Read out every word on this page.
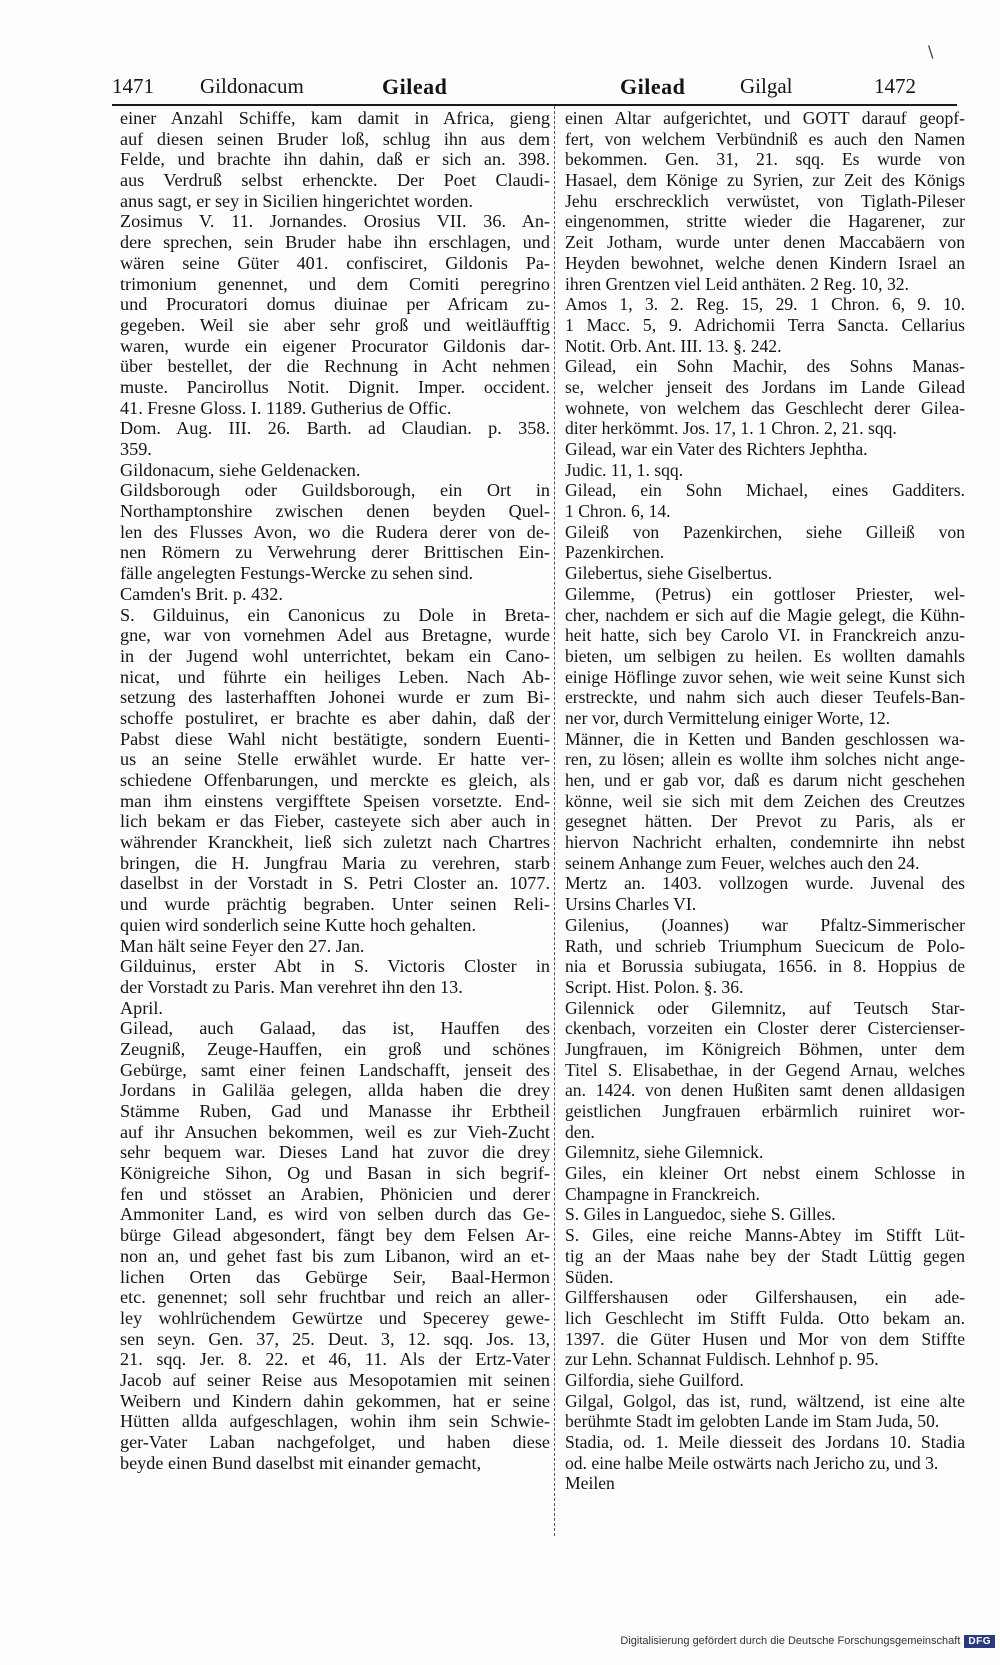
\
1471 Gildonacum	Gilead	Gilead	Gilgal	1472
einer Anzahl Schiffe, kam damit in Africa, gieng
auf diesen seinen Bruder loß, schlug ihn aus dem
Felde, und brachte ihn dahin, daß er sich an. 398.
aus Verdruß selbst erhenckte. Der Poet Claudi-
anus sagt, er sey in Sicilien hingerichtet worden.
Zosimus V. 11. Jornandes. Orosius VII. 36. An-
dere sprechen, sein Bruder habe ihn erschlagen, und
wären seine Güter 401. confisciret, Gildonis Pa-
trimonium genennet, und dem Comiti peregrino
und Procuratori domus diuinae per Africam zu-
gegeben. Weil sie aber sehr groß und weitläufftig
waren, wurde ein eigener Procurator Gildonis dar-
über bestellet, der die Rechnung in Acht nehmen
muste. Pancirollus Notit. Dignit. Imper. occident.
41. Fresne Gloss. I. 1189. Gutherius de Offic.
Dom. Aug. III. 26. Barth. ad Claudian. p. 358.
359.
Gildonacum, siehe Geldenacken.
Gildsborough oder Guildsborough, ein Ort in
Northamptonshire zwischen denen beyden Quel-
len des Flusses Avon, wo die Rudera derer von de-
nen Römern zu Verwehrung derer Brittischen Ein-
fälle angelegten Festungs-Wercke zu sehen sind.
Camden's Brit. p. 432.
S. Gilduinus, ein Canonicus zu Dole in Breta-
gne, war von vornehmen Adel aus Bretagne, wurde
in der Jugend wohl unterrichtet, bekam ein Cano-
nicat, und führte ein heiliges Leben. Nach Ab-
setzung des lasterhafften Johonei wurde er zum Bi-
schoffe postuliret, er brachte es aber dahin, daß der
Pabst diese Wahl nicht bestätigte, sondern Euenti-
us an seine Stelle erwählet wurde. Er hatte ver-
schiedene Offenbarungen, und merckte es gleich, als
man ihm einstens vergifftete Speisen vorsetzte. End-
lich bekam er das Fieber, casteyete sich aber auch in
währender Kranckheit, ließ sich zuletzt nach Chartres
bringen, die H. Jungfrau Maria zu verehren, starb
daselbst in der Vorstadt in S. Petri Closter an. 1077.
und wurde prächtig begraben. Unter seinen Reli-
quien wird sonderlich seine Kutte hoch gehalten.
Man hält seine Feyer den 27. Jan.
Gilduinus, erster Abt in S. Victoris Closter in
der Vorstadt zu Paris. Man verehret ihn den 13.
April.
Gilead, auch Galaad, das ist, Hauffen des
Zeugniß, Zeuge-Hauffen, ein groß und schönes
Gebürge, samt einer feinen Landschafft, jenseit des
Jordans in Galiläa gelegen, allda haben die drey
Stämme Ruben, Gad und Manasse ihr Erbtheil
auf ihr Ansuchen bekommen, weil es zur Vieh-Zucht
sehr bequem war. Dieses Land hat zuvor die drey
Königreiche Sihon, Og und Basan in sich begrif-
fen und stösset an Arabien, Phönicien und derer
Ammoniter Land, es wird von selben durch das Ge-
bürge Gilead abgesondert, fängt bey dem Felsen Ar-
non an, und gehet fast bis zum Libanon, wird an et-
lichen Orten das Gebürge Seir, Baal-Hermon
etc. genennet; soll sehr fruchtbar und reich an aller-
ley wohlrüchendem Gewürtze und Specerey gewe-
sen seyn. Gen. 37, 25. Deut. 3, 12. sqq. Jos. 13,
21. sqq. Jer. 8. 22. et 46, 11. Als der Ertz-Vater
Jacob auf seiner Reise aus Mesopotamien mit seinen
Weibern und Kindern dahin gekommen, hat er seine
Hütten allda aufgeschlagen, wohin ihm sein Schwie-
ger-Vater Laban nachgefolget, und haben diese
beyde einen Bund daselbst mit einander gemacht,
einen Altar aufgerichtet, und GOTT darauf geopf-
fert, von welchem Verbündniß es auch den Namen
bekommen. Gen. 31, 21. sqq. Es wurde von
Hasael, dem Könige zu Syrien, zur Zeit des Königs
Jehu erschrecklich verwüstet, von Tiglath-Pileser
eingenommen, stritte wieder die Hagarener, zur
Zeit Jotham, wurde unter denen Maccabäern von
Heyden bewohnet, welche denen Kindern Israel an
ihren Grentzen viel Leid anthäten. 2 Reg. 10, 32.
Amos 1, 3. 2. Reg. 15, 29. 1 Chron. 6, 9. 10.
1 Macc. 5, 9. Adrichomii Terra Sancta. Cellarius
Notit. Orb. Ant. III. 13. §. 242.
Gilead, ein Sohn Machir, des Sohns Manas-
se, welcher jenseit des Jordans im Lande Gilead
wohnete, von welchem das Geschlecht derer Gilea-
diter herkömmt. Jos. 17, 1. 1 Chron. 2, 21. sqq.
Gilead, war ein Vater des Richters Jephtha.
Judic. 11, 1. sqq.
Gilead, ein Sohn Michael, eines Gadditers.
1 Chron. 6, 14.
Gileiß von Pazenkirchen, siehe Gilleiß von
Pazenkirchen.
Gilebertus, siehe Giselbertus.
Gilemme, (Petrus) ein gottloser Priester, wel-
cher, nachdem er sich auf die Magie gelegt, die Kühn-
heit hatte, sich bey Carolo VI. in Franckreich anzu-
bieten, um selbigen zu heilen. Es wollten damahls
einige Höflinge zuvor sehen, wie weit seine Kunst sich
erstreckte, und nahm sich auch dieser Teufels-Ban-
ner vor, durch Vermittelung einiger Worte, 12.
Männer, die in Ketten und Banden geschlossen wa-
ren, zu lösen; allein es wollte ihm solches nicht ange-
hen, und er gab vor, daß es darum nicht geschehen
könne, weil sie sich mit dem Zeichen des Creutzes
gesegnet hätten. Der Prevot zu Paris, als er
hiervon Nachricht erhalten, condemnirte ihn nebst
seinem Anhange zum Feuer, welches auch den 24.
Mertz an. 1403. vollzogen wurde. Juvenal des
Ursins Charles VI.
Gilenius, (Joannes) war Pfaltz-Simmerischer
Rath, und schrieb Triumphum Suecicum de Polo-
nia et Borussia subiugata, 1656. in 8. Hoppius de
Script. Hist. Polon. §. 36.
Gilennick oder Gilemnitz, auf Teutsch Star-
ckenbach, vorzeiten ein Closter derer Cistercienser-
Jungfrauen, im Königreich Böhmen, unter dem
Titel S. Elisabethae, in der Gegend Arnau, welches
an. 1424. von denen Hußiten samt denen alldasigen
geistlichen Jungfrauen erbärmlich ruiniret wor-
den.
Gilemnitz, siehe Gilemnick.
Giles, ein kleiner Ort nebst einem Schlosse in
Champagne in Franckreich.
S. Giles in Languedoc, siehe S. Gilles.
S. Giles, eine reiche Manns-Abtey im Stifft Lüt-
tig an der Maas nahe bey der Stadt Lüttig gegen
Süden.
Gilffershausen oder Gilfershausen, ein ade-
lich Geschlecht im Stifft Fulda. Otto bekam an.
1397. die Güter Husen und Mor von dem Stiffte
zur Lehn. Schannat Fuldisch. Lehnhof p. 95.
Gilfordia, siehe Guilford.
Gilgal, Golgol, das ist, rund, wältzend, ist eine alte
berühmte Stadt im gelobten Lande im Stam Juda, 50.
Stadia, od. 1. Meile diesseit des Jordans 10. Stadia
od. eine halbe Meile ostwärts nach Jericho zu, und 3.
Meilen
Digitalisierung gefördert durch die Deutsche Forschungsgemeinschaft DFG
